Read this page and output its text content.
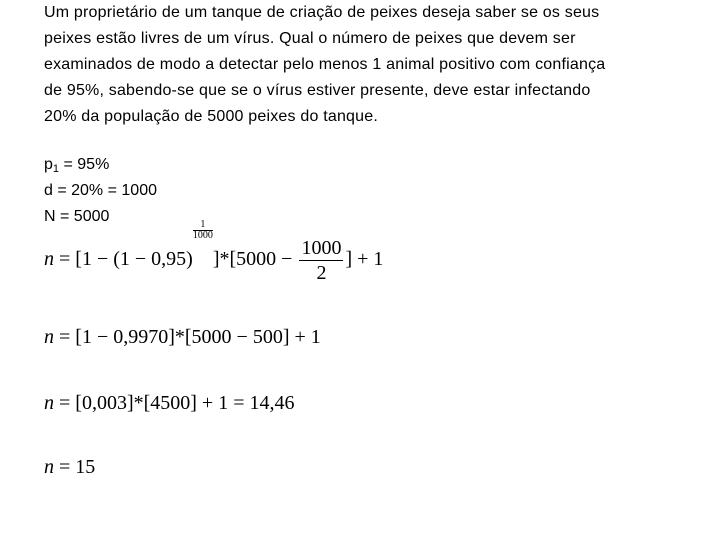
Um proprietário de um tanque de criação de peixes deseja saber se os seus
peixes estão livres de um vírus. Qual o número de peixes que devem ser
examinados de modo a detectar pelo menos 1 animal positivo com confiança
de 95%, sabendo-se que se o vírus estiver presente, deve estar infectando
20% da população de 5000 peixes do tanque.
$p_1 = 95\%$
d = 20% = 1000
N = 5000
n = [1 − (1 − 0,95)
$\frac{1}{1000}$
]$*[5000 - \frac{1000}{2}$ ] + 1
n = [1 − 0,9970]*[5000 − 500] + 1
n = [0,003]*[4500] + 1 = 14,46
n = 15
